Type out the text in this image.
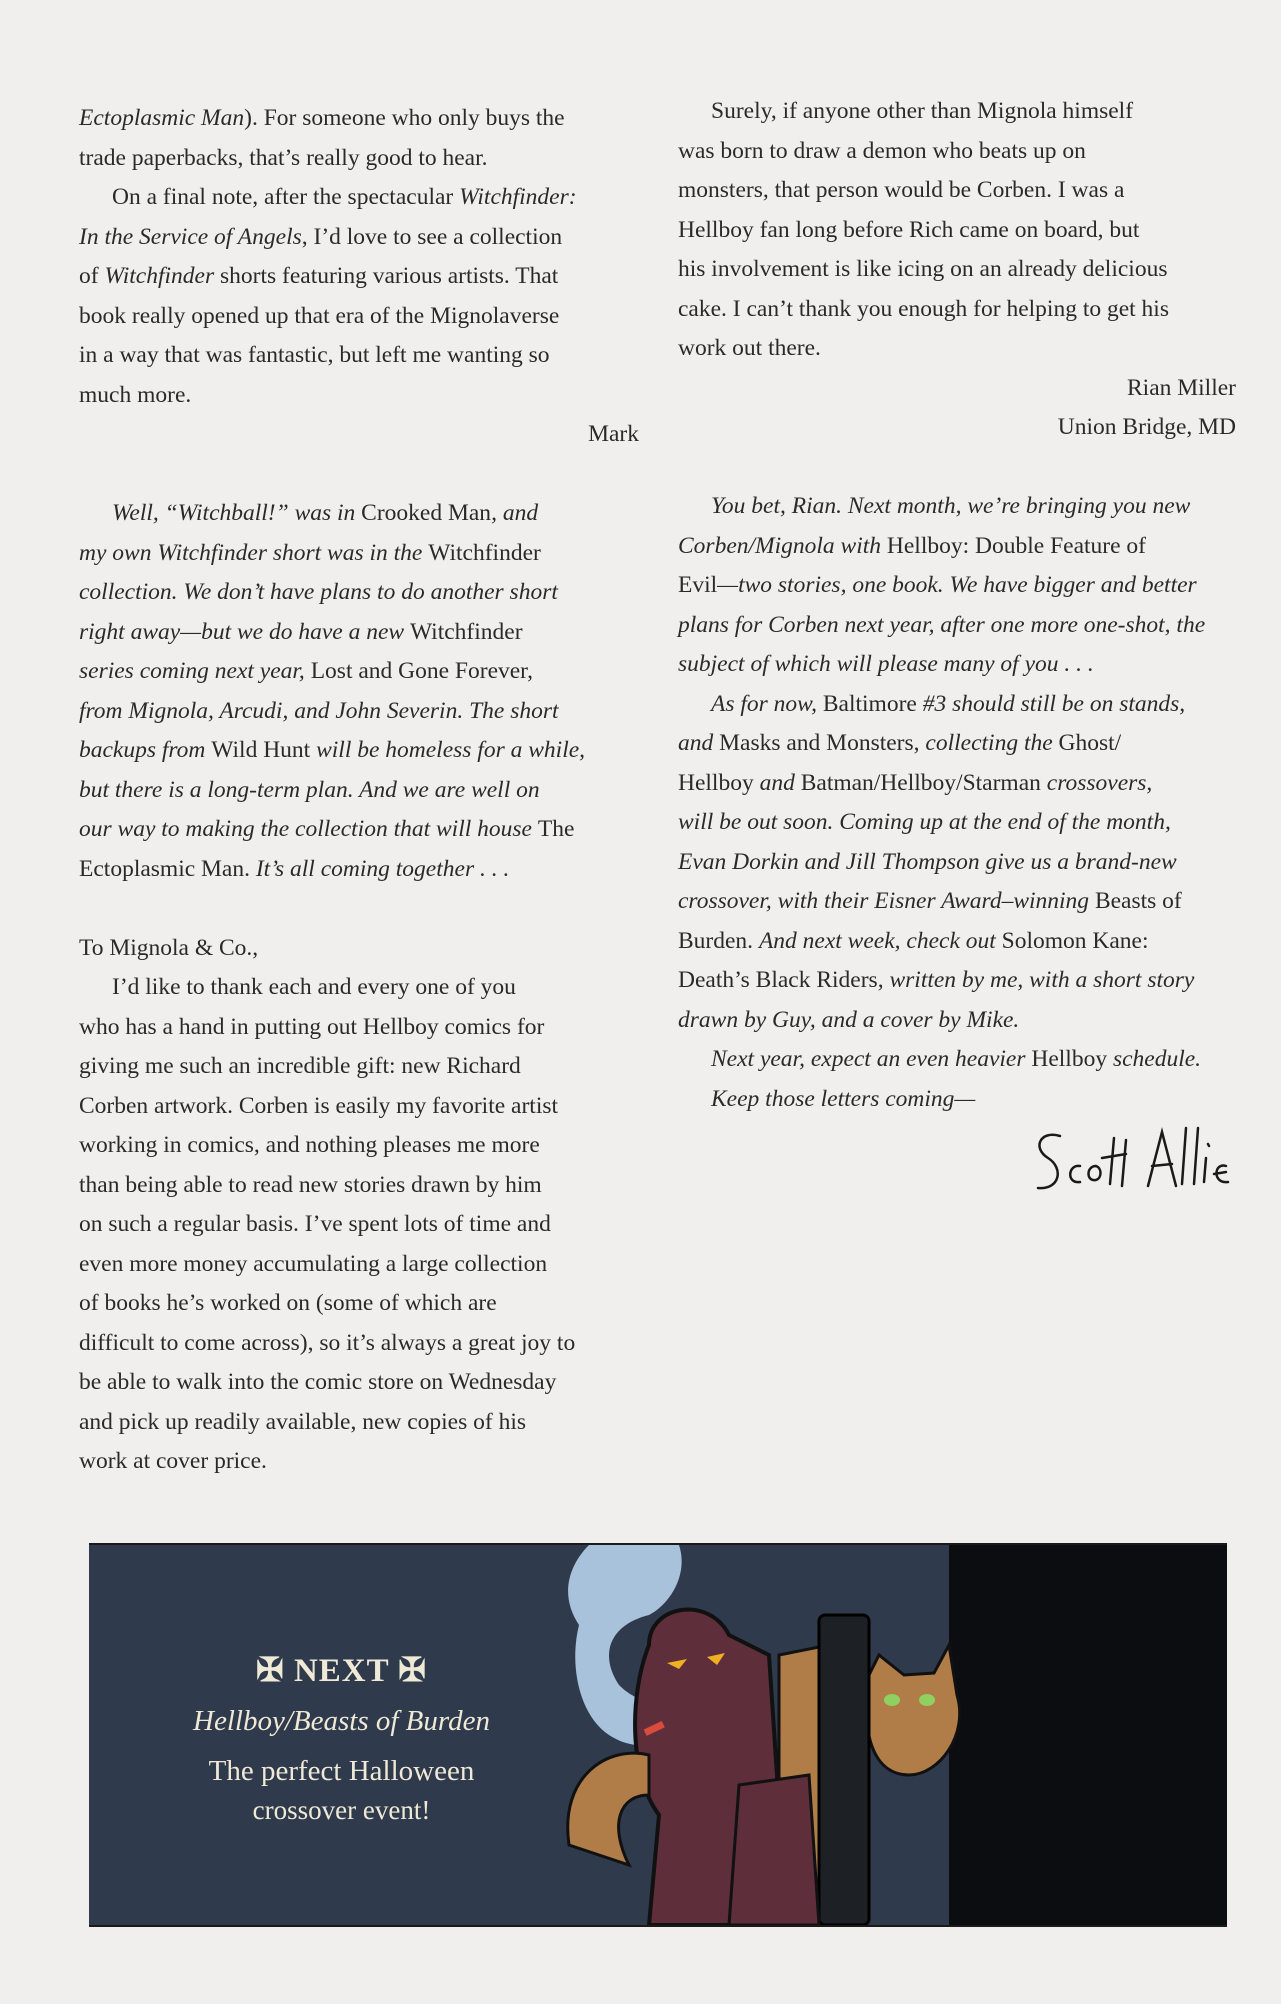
Ectoplasmic Man). For someone who only buys the
trade paperbacks, that’s really good to hear.
On a final note, after the spectacular Witchfinder:
In the Service of Angels, I’d love to see a collection
of Witchfinder shorts featuring various artists. That
book really opened up that era of the Mignolaverse
in a way that was fantastic, but left me wanting so
much more.
Mark
Well, “Witchball!” was in Crooked Man, and
my own Witchfinder short was in the Witchfinder
collection. We don’t have plans to do another short
right away—but we do have a new Witchfinder
series coming next year, Lost and Gone Forever,
from Mignola, Arcudi, and John Severin. The short
backups from Wild Hunt will be homeless for a while,
but there is a long-term plan. And we are well on
our way to making the collection that will house The
Ectoplasmic Man. It’s all coming together . . .
To Mignola & Co.,
I’d like to thank each and every one of you
who has a hand in putting out Hellboy comics for
giving me such an incredible gift: new Richard
Corben artwork. Corben is easily my favorite artist
working in comics, and nothing pleases me more
than being able to read new stories drawn by him
on such a regular basis. I’ve spent lots of time and
even more money accumulating a large collection
of books he’s worked on (some of which are
difficult to come across), so it’s always a great joy to
be able to walk into the comic store on Wednesday
and pick up readily available, new copies of his
work at cover price.
Surely, if anyone other than Mignola himself
was born to draw a demon who beats up on
monsters, that person would be Corben. I was a
Hellboy fan long before Rich came on board, but
his involvement is like icing on an already delicious
cake. I can’t thank you enough for helping to get his
work out there.
Rian Miller
Union Bridge, MD
You bet, Rian. Next month, we’re bringing you new
Corben/Mignola with Hellboy: Double Feature of
Evil—two stories, one book. We have bigger and better
plans for Corben next year, after one more one-shot, the
subject of which will please many of you . . .
As for now, Baltimore #3 should still be on stands,
and Masks and Monsters, collecting the Ghost/
Hellboy and Batman/Hellboy/Starman crossovers,
will be out soon. Coming up at the end of the month,
Evan Dorkin and Jill Thompson give us a brand-new
crossover, with their Eisner Award–winning Beasts of
Burden. And next week, check out Solomon Kane:
Death’s Black Riders, written by me, with a short story
drawn by Guy, and a cover by Mike.
Next year, expect an even heavier Hellboy schedule.
Keep those letters coming—
✠ NEXT ✠
Hellboy/Beasts of Burden
The perfect Halloween
crossover event!
